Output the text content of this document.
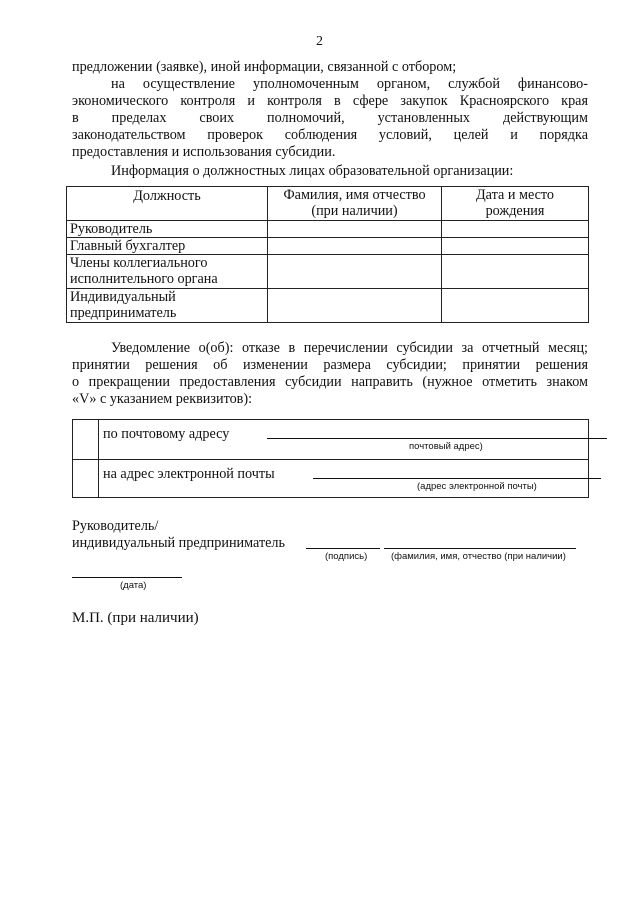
2
предложении (заявке), иной информации, связанной с отбором;
на осуществление уполномоченным органом, службой финансово-
экономического контроля и контроля в сфере закупок Красноярского края
в пределах своих полномочий, установленных действующим
законодательством проверок соблюдения условий, целей и порядка
предоставления и использования субсидии.
Информация о должностных лицах образовательной организации:
Должность	Фамилия, имя отчество (при наличии)	Дата и место рождения
Руководитель		
Главный бухгалтер		
Члены коллегиального исполнительного органа		
Индивидуальный предприниматель		
Уведомление о(об): отказе в перечислении субсидии за отчетный месяц;
принятии решения об изменении размера субсидии; принятии решения
о прекращении предоставления субсидии направить (нужное отметить знаком
«V» с указанием реквизитов):

	по почтовому адресу
почтовый адрес)

	на адрес электронной почты
(адрес электронной почты)
Руководитель/
индивидуальный предприниматель
(подпись)	(фамилия, имя, отчество (при наличии)
(дата)
М.П. (при наличии)
